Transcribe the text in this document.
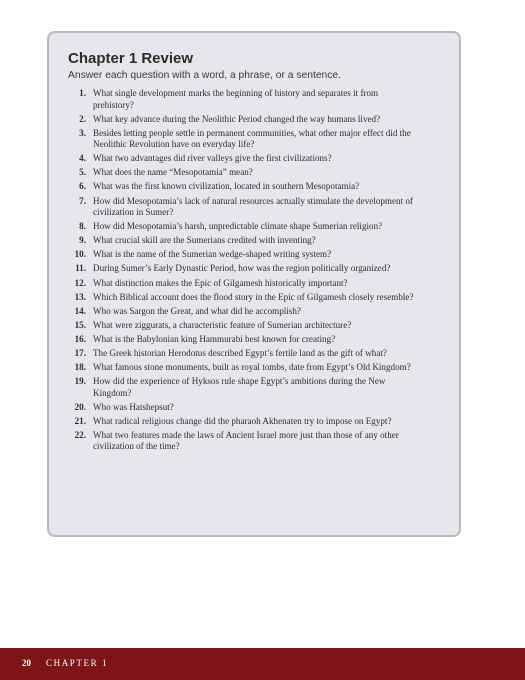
Chapter 1 Review
Answer each question with a word, a phrase, or a sentence.
1. What single development marks the beginning of history and separates it from prehistory?
2. What key advance during the Neolithic Period changed the way humans lived?
3. Besides letting people settle in permanent communities, what other major effect did the Neolithic Revolution have on everyday life?
4. What two advantages did river valleys give the first civilizations?
5. What does the name “Mesopotamia” mean?
6. What was the first known civilization, located in southern Mesopotamia?
7. How did Mesopotamia’s lack of natural resources actually stimulate the development of civilization in Sumer?
8. How did Mesopotamia’s harsh, unpredictable climate shape Sumerian religion?
9. What crucial skill are the Sumerians credited with inventing?
10. What is the name of the Sumerian wedge-shaped writing system?
11. During Sumer’s Early Dynastic Period, how was the region politically organized?
12. What distinction makes the Epic of Gilgamesh historically important?
13. Which Biblical account does the flood story in the Epic of Gilgamesh closely resemble?
14. Who was Sargon the Great, and what did he accomplish?
15. What were ziggurats, a characteristic feature of Sumerian architecture?
16. What is the Babylonian king Hammurabi best known for creating?
17. The Greek historian Herodotus described Egypt’s fertile land as the gift of what?
18. What famous stone monuments, built as royal tombs, date from Egypt’s Old Kingdom?
19. How did the experience of Hyksos rule shape Egypt’s ambitions during the New Kingdom?
20. Who was Hatshepsut?
21. What radical religious change did the pharaoh Akhenaten try to impose on Egypt?
22. What two features made the laws of Ancient Israel more just than those of any other civilization of the time?
20 CHAPTER 1
